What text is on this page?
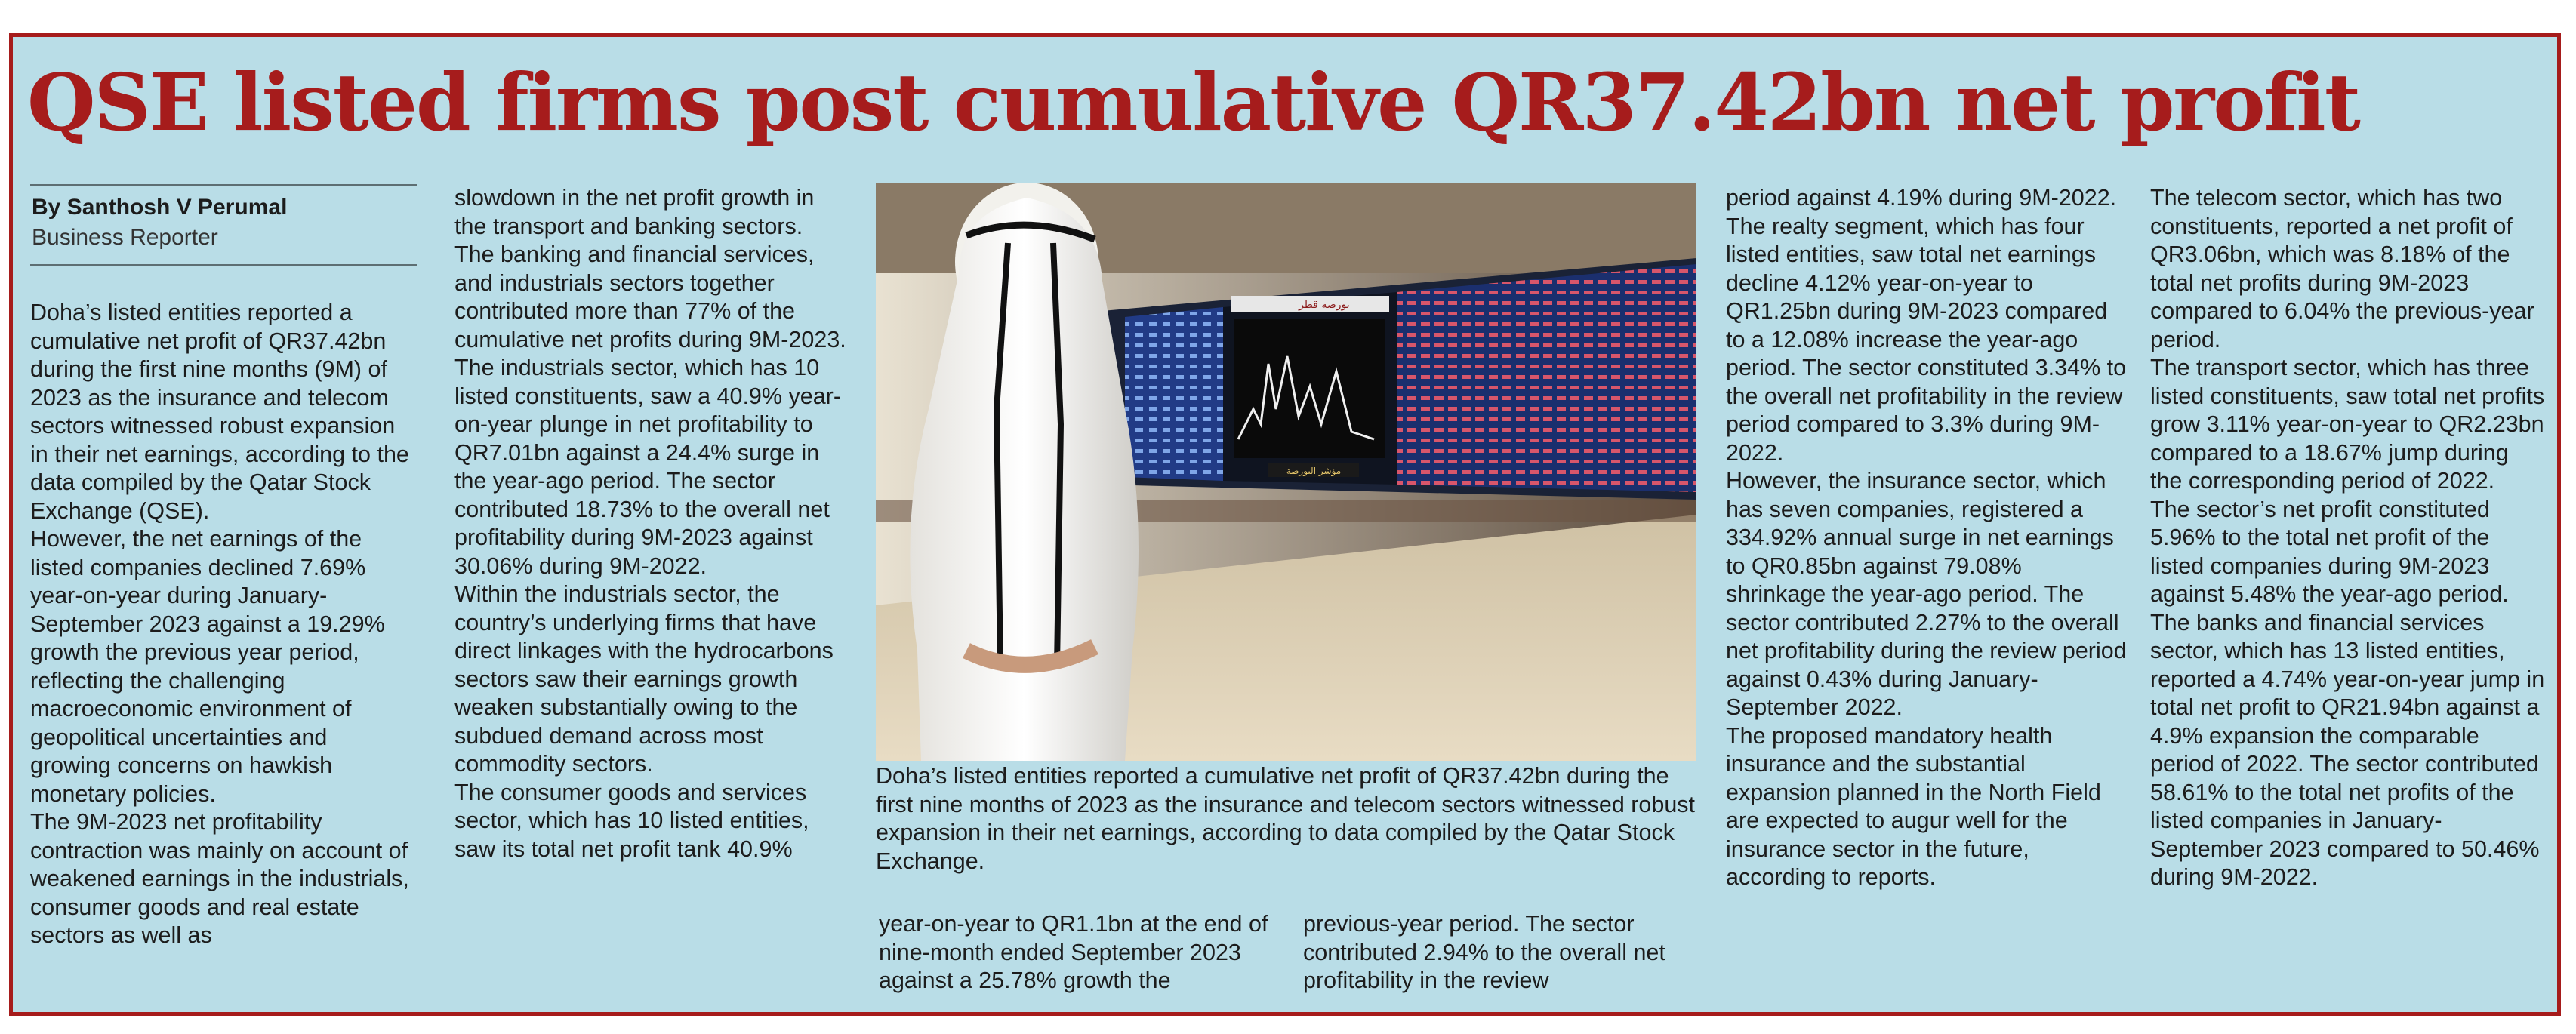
QSE listed firms post cumulative QR37.42bn net profit

By Santhosh V Perumal

Business Reporter

Doha’s listed entities reported a cumulative net profit of QR37.42bn during the first nine months (9M) of 2023 as the insurance and telecom sectors witnessed robust expansion in their net earnings, according to the data compiled by the Qatar Stock Exchange (QSE).

However, the net earnings of the listed companies declined 7.69% year-on-year during January-September 2023 against a 19.29% growth the previous year period, reflecting the challenging macroeconomic environment of geopolitical uncertainties and growing concerns on hawkish monetary policies.

The 9M-2023 net profitability contraction was mainly on account of weakened earnings in the industrials, consumer goods and real estate sectors as well as

slowdown in the net profit growth in the transport and banking sectors.

The banking and financial services, and industrials sectors together contributed more than 77% of the cumulative net profits during 9M-2023.

The industrials sector, which has 10 listed constituents, saw a 40.9% year-on-year plunge in net profitability to QR7.01bn against a 24.4% surge in the year-ago period. The sector contributed 18.73% to the overall net profitability during 9M-2023 against 30.06% during 9M-2022.

Within the industrials sector, the country’s underlying firms that have direct linkages with the hydrocarbons sectors saw their earnings growth weaken substantially owing to the subdued demand across most commodity sectors.

The consumer goods and services sector, which has 10 listed entities, saw its total net profit tank 40.9%

بورصة قطر
مؤشر البورصة

Doha’s listed entities reported a cumulative net profit of QR37.42bn during the first nine months of 2023 as the insurance and telecom sectors witnessed robust expansion in their net earnings, according to data compiled by the Qatar Stock Exchange.

year-on-year to QR1.1bn at the end of nine-month ended September 2023 against a 25.78% growth the

previous-year period. The sector contributed 2.94% to the overall net profitability in the review

period against 4.19% during 9M-2022.

The realty segment, which has four listed entities, saw total net earnings decline 4.12% year-on-year to QR1.25bn during 9M-2023 compared to a 12.08% increase the year-ago period. The sector constituted 3.34% to the overall net profitability in the review period compared to 3.3% during 9M-2022.

However, the insurance sector, which has seven companies, registered a 334.92% annual surge in net earnings to QR0.85bn against 79.08% shrinkage the year-ago period. The sector contributed 2.27% to the overall net profitability during the review period against 0.43% during January-September 2022.

The proposed mandatory health insurance and the substantial expansion planned in the North Field are expected to augur well for the insurance sector in the future, according to reports.

The telecom sector, which has two constituents, reported a net profit of QR3.06bn, which was 8.18% of the total net profits during 9M-2023 compared to 6.04% the previous-year period.

The transport sector, which has three listed constituents, saw total net profits grow 3.11% year-on-year to QR2.23bn compared to a 18.67% jump during the corresponding period of 2022.

The sector’s net profit constituted 5.96% to the total net profit of the listed companies during 9M-2023 against 5.48% the year-ago period.

The banks and financial services sector, which has 13 listed entities, reported a 4.74% year-on-year jump in total net profit to QR21.94bn against a 4.9% expansion the comparable period of 2022. The sector contributed 58.61% to the total net profits of the listed companies in January-September 2023 compared to 50.46% during 9M-2022.
